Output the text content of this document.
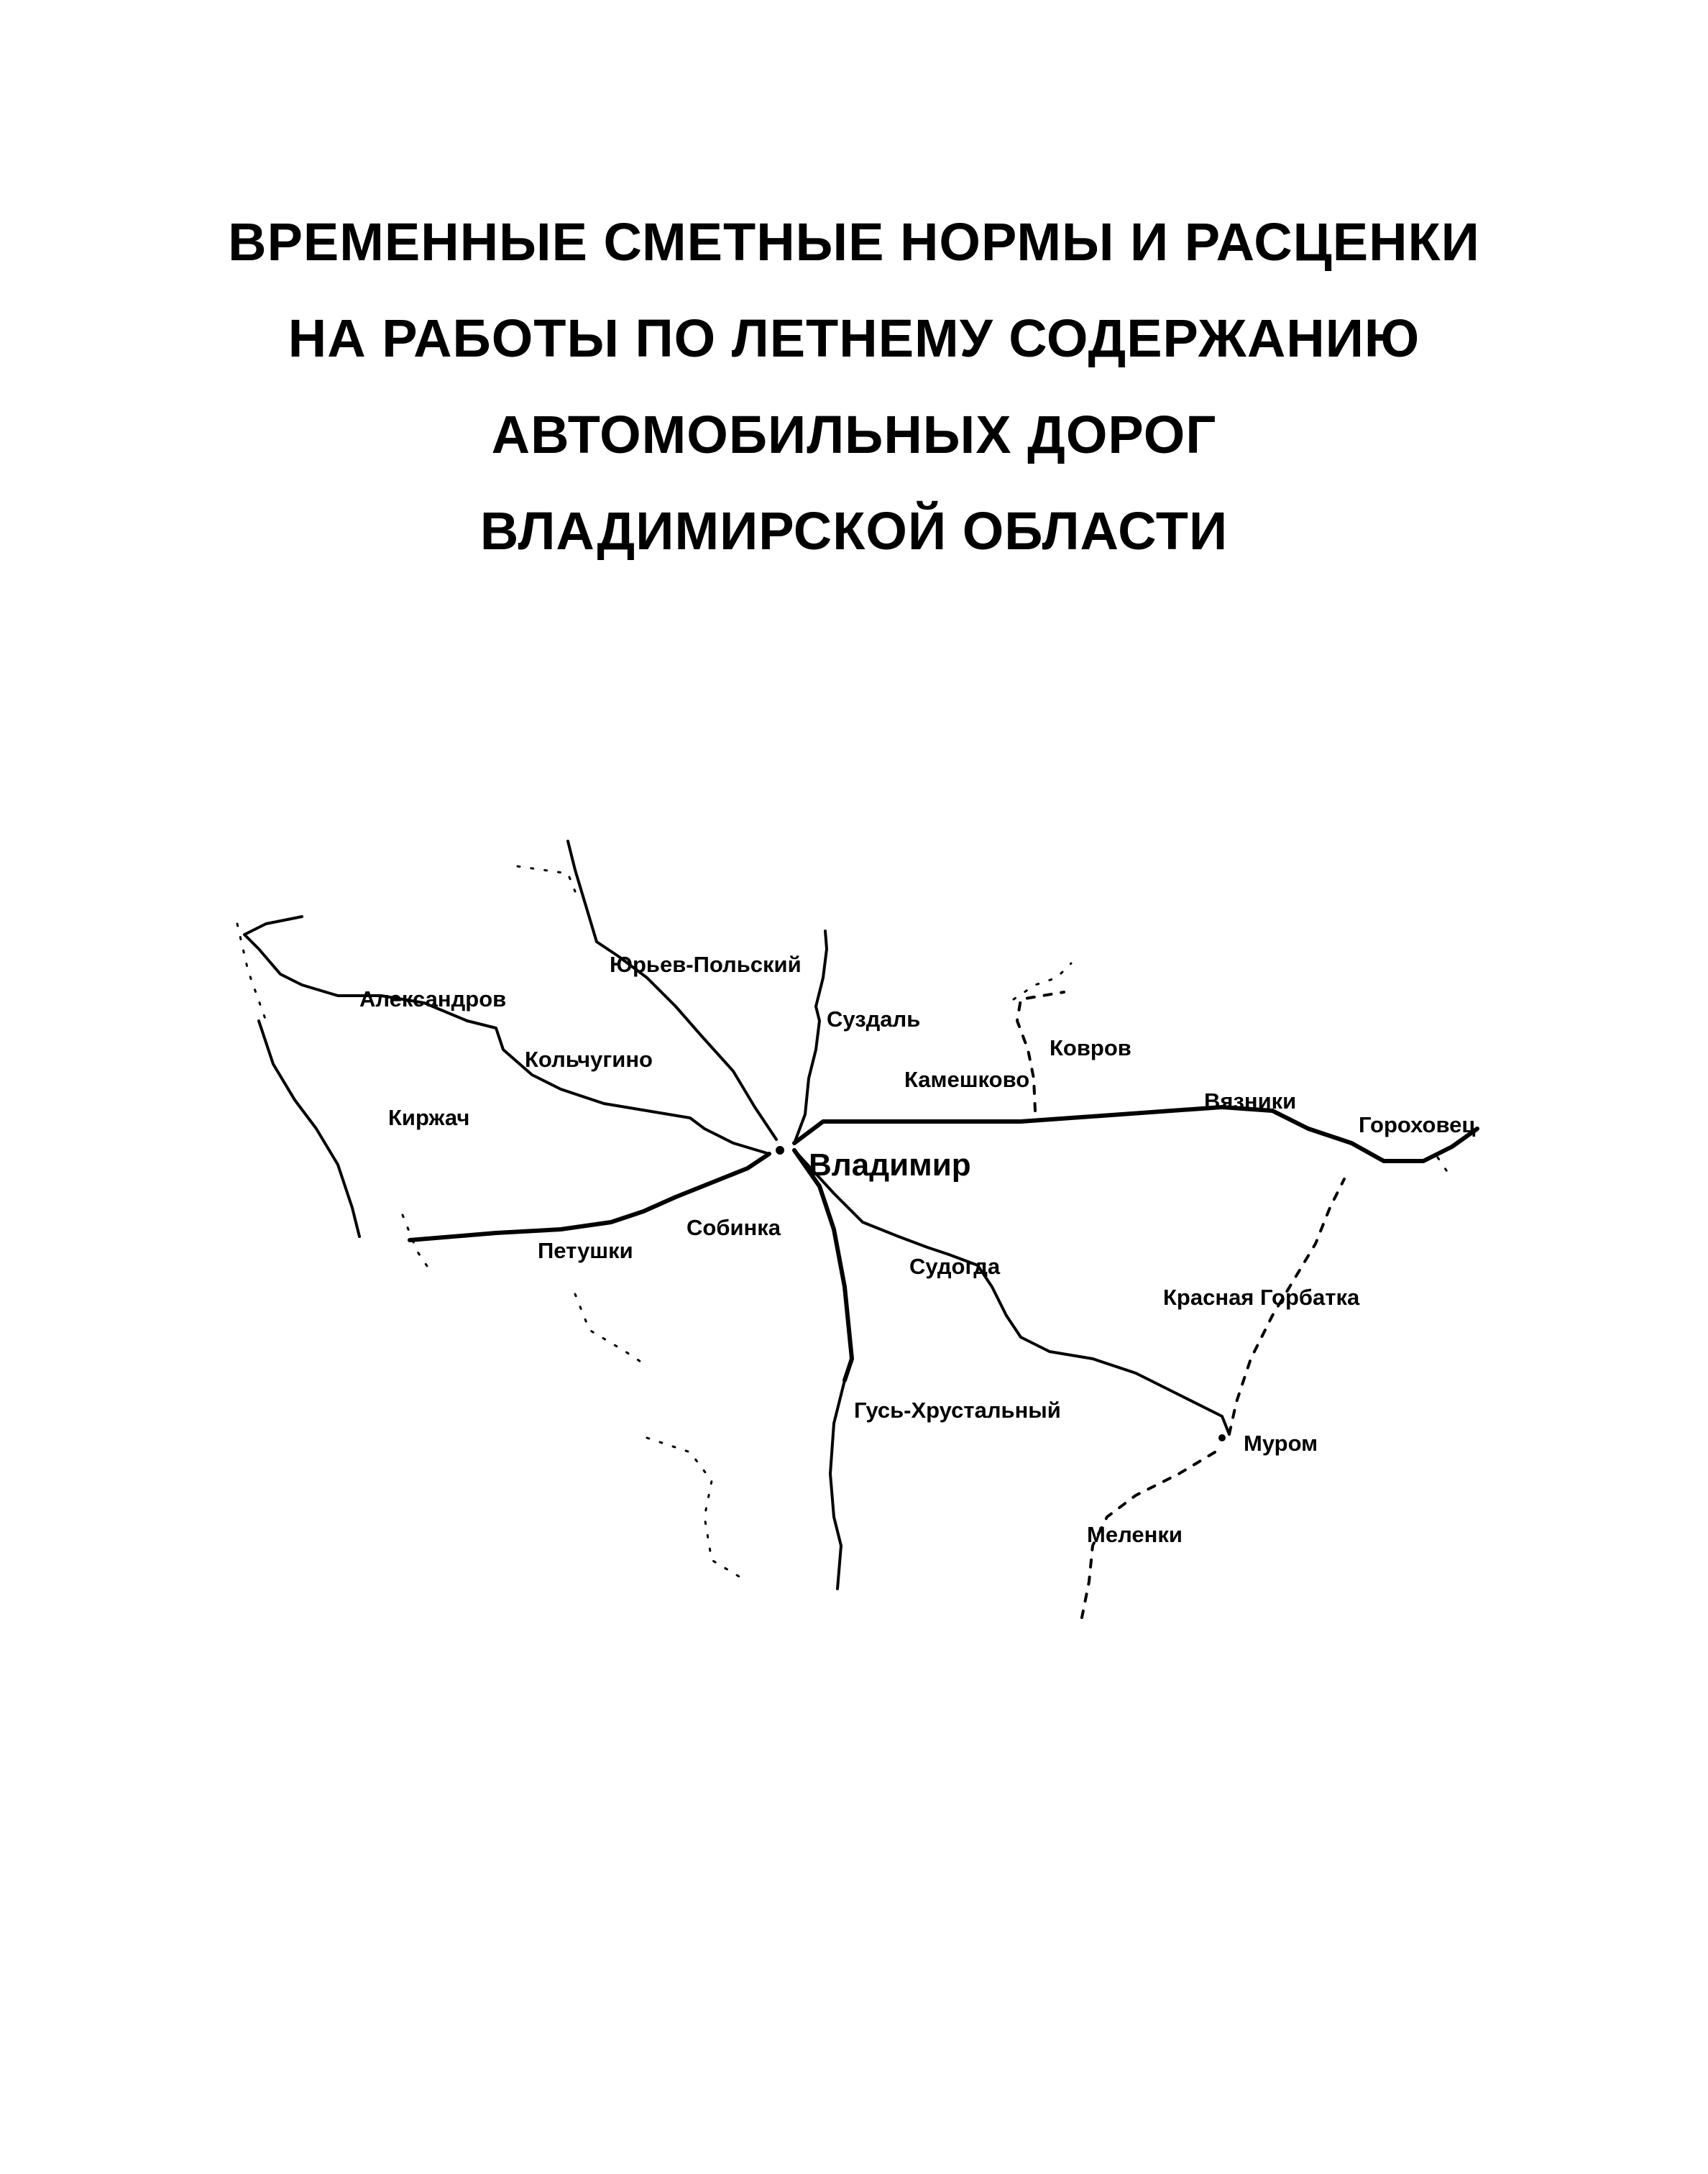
ВРЕМЕННЫЕ СМЕТНЫЕ НОРМЫ И РАСЦЕНКИ
НА РАБОТЫ ПО ЛЕТНЕМУ СОДЕРЖАНИЮ
АВТОМОБИЛЬНЫХ ДОРОГ
ВЛАДИМИРСКОЙ ОБЛАСТИ
Владимир
Юрьев-Польский
Александров
Кольчугино
Киржач
Петушки
Собинка
Суздаль
Камешково
Ковров
Вязники
Гороховец
Судогда
Красная Горбатка
Гусь-Хрустальный
Муром
Меленки
